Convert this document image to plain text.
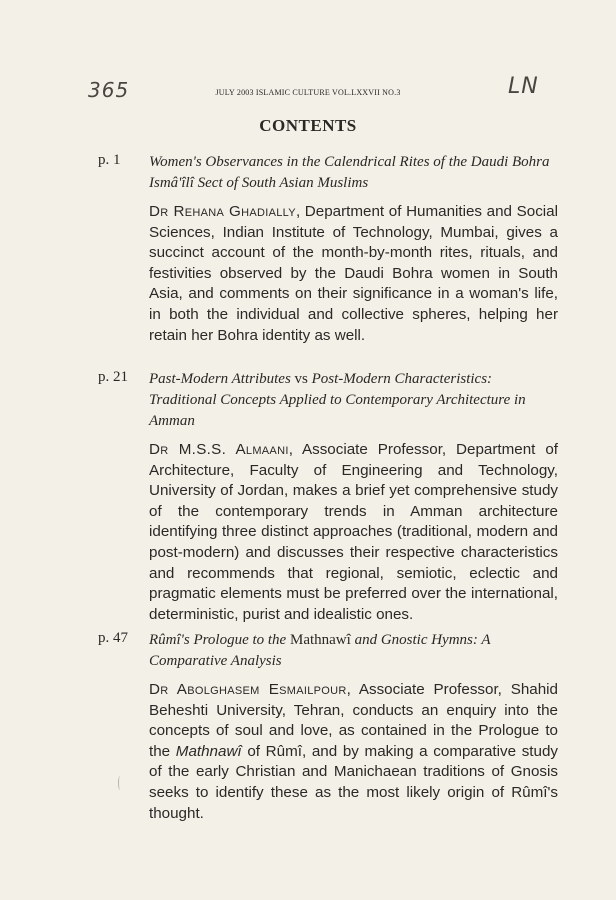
365	LN
JULY 2003 ISLAMIC CULTURE VOL.LXXVII NO.3
CONTENTS
p. 1 Women's Observances in the Calendrical Rites of the Daudi Bohra Ismâ'îlî Sect of South Asian Muslims
Dr Rehana Ghadially, Department of Humanities and Social Sciences, Indian Institute of Technology, Mumbai, gives a succinct account of the month-by-month rites, rituals, and festivities observed by the Daudi Bohra women in South Asia, and comments on their significance in a woman's life, in both the individual and collective spheres, helping her retain her Bohra identity as well.
p. 21 Past-Modern Attributes vs Post-Modern Characteristics: Traditional Concepts Applied to Contemporary Architecture in Amman
Dr M.S.S. Almaani, Associate Professor, Department of Architecture, Faculty of Engineering and Technology, University of Jordan, makes a brief yet comprehensive study of the contemporary trends in Amman architecture identifying three distinct approaches (traditional, modern and post-modern) and discusses their respective characteristics and recommends that regional, semiotic, eclectic and pragmatic elements must be preferred over the international, deterministic, purist and idealistic ones.
p. 47 Rûmî's Prologue to the Mathnawî and Gnostic Hymns: A Comparative Analysis
Dr Abolghasem Esmailpour, Associate Professor, Shahid Beheshti University, Tehran, conducts an enquiry into the concepts of soul and love, as contained in the Prologue to the Mathnawî of Rûmî, and by making a comparative study of the early Christian and Manichaean traditions of Gnosis seeks to identify these as the most likely origin of Rûmî's thought.
